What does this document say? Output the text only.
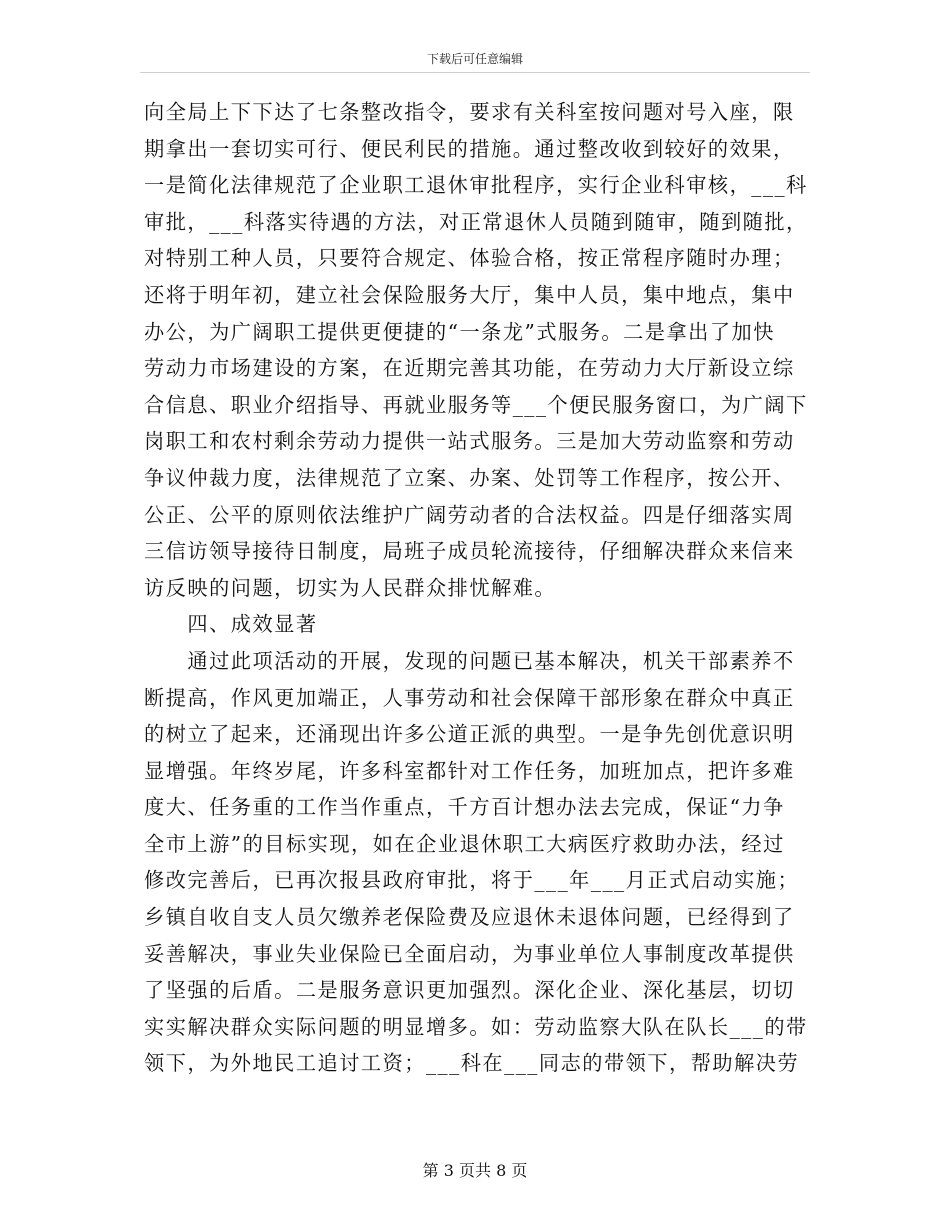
下载后可任意编辑
向全局上下下达了七条整改指令，要求有关科室按问题对号入座，限
期拿出一套切实可行、便民利民的措施。通过整改收到较好的效果，
一是简化法律规范了企业职工退休审批程序，实行企业科审核，___科
审批，___科落实待遇的方法，对正常退休人员随到随审，随到随批，
对特别工种人员，只要符合规定、体验合格，按正常程序随时办理；
还将于明年初，建立社会保险服务大厅，集中人员，集中地点，集中
办公，为广阔职工提供更便捷的“一条龙”式服务。二是拿出了加快
劳动力市场建设的方案，在近期完善其功能，在劳动力大厅新设立综
合信息、职业介绍指导、再就业服务等___个便民服务窗口，为广阔下
岗职工和农村剩余劳动力提供一站式服务。三是加大劳动监察和劳动
争议仲裁力度，法律规范了立案、办案、处罚等工作程序，按公开、
公正、公平的原则依法维护广阔劳动者的合法权益。四是仔细落实周
三信访领导接待日制度，局班子成员轮流接待，仔细解决群众来信来
访反映的问题，切实为人民群众排忧解难。
　　四、成效显著
　　通过此项活动的开展，发现的问题已基本解决，机关干部素养不
断提高，作风更加端正，人事劳动和社会保障干部形象在群众中真正
的树立了起来，还涌现出许多公道正派的典型。一是争先创优意识明
显增强。年终岁尾，许多科室都针对工作任务，加班加点，把许多难
度大、任务重的工作当作重点，千方百计想办法去完成，保证“力争
全市上游”的目标实现，如在企业退休职工大病医疗救助办法，经过
修改完善后，已再次报县政府审批，将于___年___月正式启动实施；
乡镇自收自支人员欠缴养老保险费及应退休未退体问题，已经得到了
妥善解决，事业失业保险已全面启动，为事业单位人事制度改革提供
了坚强的后盾。二是服务意识更加强烈。深化企业、深化基层，切切
实实解决群众实际问题的明显增多。如：劳动监察大队在队长___的带
领下，为外地民工追讨工资；___科在___同志的带领下，帮助解决劳
第 3 页共 8 页
